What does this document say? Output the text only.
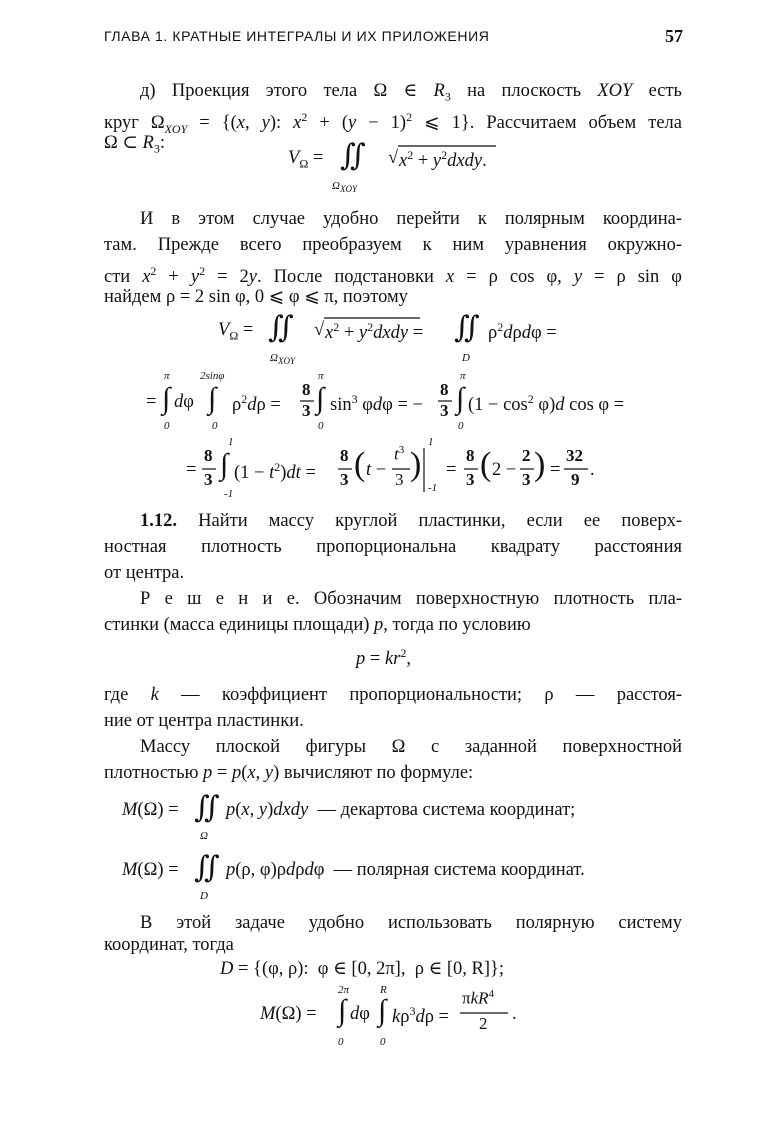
ГЛАВА 1. КРАТНЫЕ ИНТЕГРАЛЫ И ИХ ПРИЛОЖЕНИЯ	57
д) Проекция этого тела Ω ∈ $R_3$ на плоскость XOY есть
круг $\Omega_{XOY} = \{(x$, y): $x^2 + (y - 1)^2$ ⩽ 1}. Рассчитаем объем тела
Ω ⊂ $R_3$:
$V_\Omega$ = ∬
$\Omega_{XOY}$
√ $x^2$ + $y^2dxdy$.
И в этом случае удобно перейти к полярным координа-
там. Прежде всего преобразуем к ним уравнения окружно-
сти $x^2 + y^2 = 2y$. После подстановки x = ρ cos φ, y = ρ sin φ
найдем ρ = 2 sin φ, 0 ⩽ φ ⩽ π, поэтому
$V_\Omega$ = ∬
$\Omega_{XOY}$
√ $x^2$ + $y^2dxdy$ = ∬
D
$\rho^2d\rho d\varphi$ =
π	2sinφ	π	π
= ∫ dφ ∫ $\rho^2d\rho$ =
8
3 ∫ $\sin^3 \varphi d\varphi$ = −
8
3 ∫ $(1 - \cos^2 \varphi)d$ cos φ =
0	0	0	0
=
8
3
1
∫
-1
$(1 - t^2)dt$ =
8
3 ( t −
$t^3$
3 )
1
-1
=
8
3 ( 2 −
2
3 ) =
32
9 .
1.12. Найти массу круглой пластинки, если ее поверх-
ностная плотность пропорциональна квадрату расстояния
от центра.
Р е ш е н и е. Обозначим поверхностную плотность пла-
стинки (масса единицы площади) p, тогда по условию
$p = kr^2$,
где k — коэффициент пропорциональности; ρ — расстоя-
ние от центра пластинки.
Массу плоской фигуры Ω с заданной поверхностной
плотностью p = p(x, y) вычисляют по формуле:
M(Ω) = ∬
Ω
p(x, y)dxdy  — декартова система координат;
M(Ω) = ∬
D
p(ρ, φ)ρdρdφ  — полярная система координат.
В этой задаче удобно использовать полярную систему
координат, тогда
D = {(φ, ρ):  φ ∈ [0, 2π],  ρ ∈ [0, R]};
2π	R
M(Ω) = ∫ dφ ∫ $k\rho^3d\rho$ =
πkR$^4$
2 .
0	0
